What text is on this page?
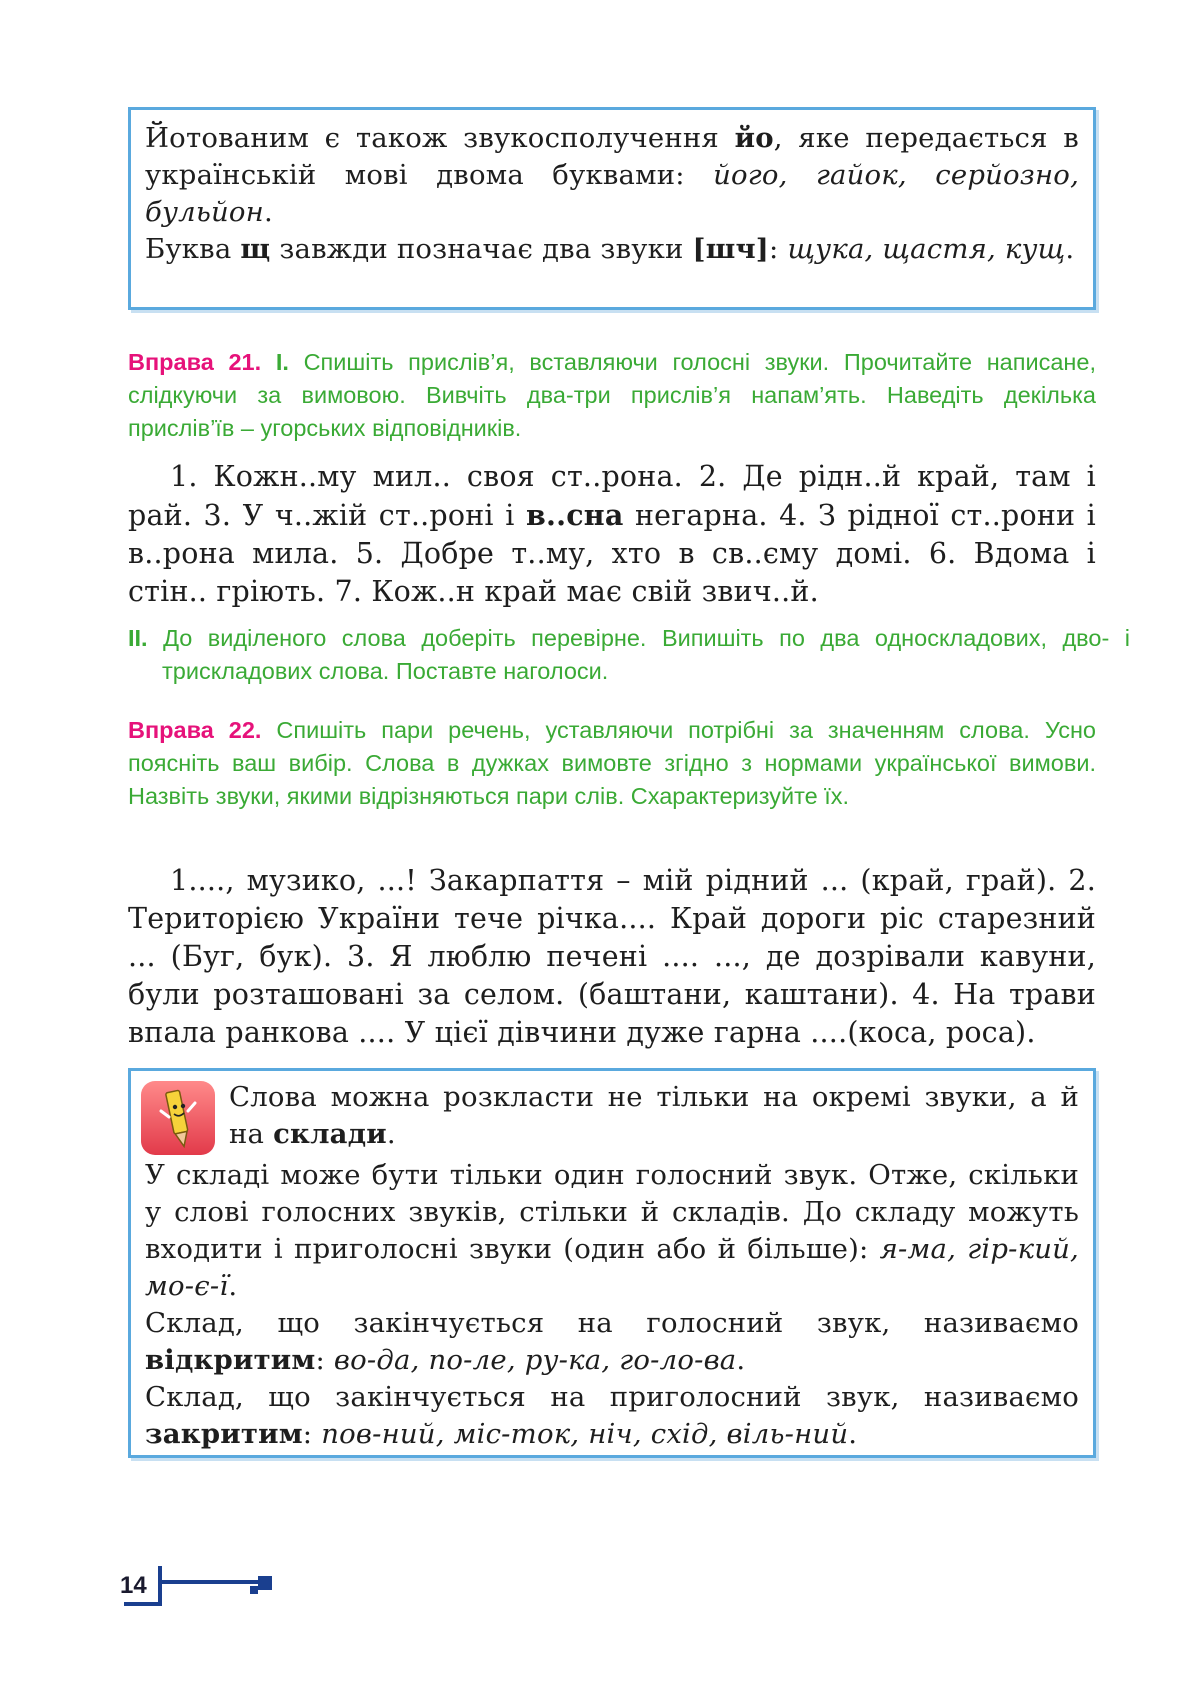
Йотованим є також звукосполучення йо, яке передається в українській мові двома буквами: його, гайок, серйозно, бульйон.

Буква щ завжди позначає два звуки [шч]: щука, щастя, кущ.

Вправа 21. I. Спишіть прислів’я, вставляючи голосні звуки. Прочитайте написане, слідкуючи за вимовою. Вивчіть два-три прислів’я напам’ять. Наведіть декілька прислів’їв – угорських відповідників.

1. Кожн..му мил.. своя ст..рона. 2. Де рідн..й край, там і рай. 3. У ч..жій ст..роні і в..сна негарна. 4. З рідної ст..рони і в..рона мила. 5. Добре т..му, хто в св..єму домі. 6. Вдома і стін.. гріють. 7. Кож..н край має свій звич..й.

II. До виділеного слова доберіть перевірне. Випишіть по два односкладових, дво- і трискладових слова. Поставте наголоси.

Вправа 22. Спишіть пари речень, уставляючи потрібні за значенням слова. Усно поясніть ваш вибір. Слова в дужках вимовте згідно з нормами української вимови. Назвіть звуки, якими відрізняються пари слів. Схарактеризуйте їх.

1...., музико, ...! Закарпаття – мій рідний ... (край, грай). 2. Територією України тече річка.... Край дороги ріс старезний ... (Буг, бук). 3. Я люблю печені .... ..., де дозрівали кавуни, були розташовані за селом. (баштани, каштани). 4. На трави впала ранкова .... У цієї дівчини дуже гарна ....(коса, роса).

Слова можна розкласти не тільки на окремі звуки, а й на склади.

У складі може бути тільки один голосний звук. Отже, скільки у слові голосних звуків, стільки й складів. До складу можуть входити і приголосні звуки (один або й більше): я-ма, гір-кий, мо-є-ї.

Склад, що закінчується на голосний звук, називаємо відкритим: во-да, по-ле, ру-ка, го-ло-ва.

Склад, що закінчується на приголосний звук, називаємо закритим: пов-ний, міс-ток, ніч, схід, віль-ний.

14
